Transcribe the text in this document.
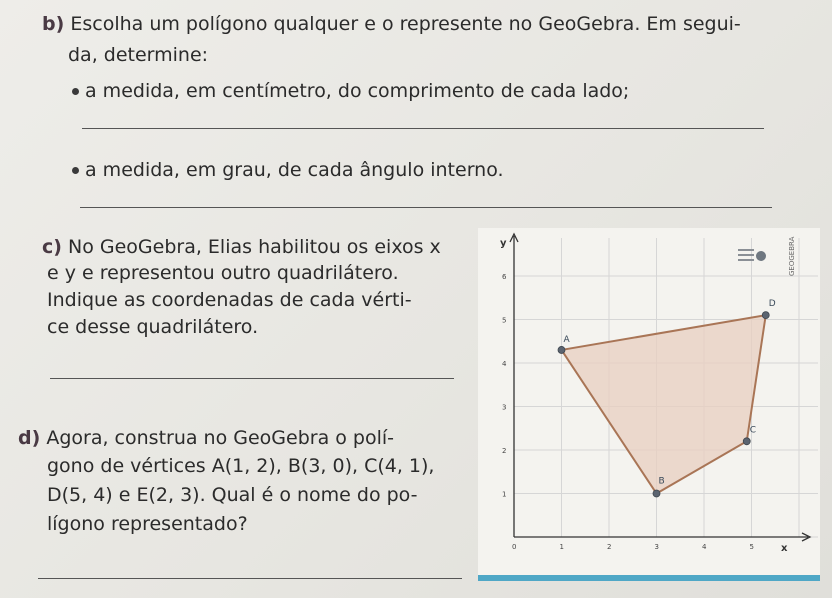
b) Escolha um polígono qualquer e o represente no GeoGebra. Em segui-
da, determine:
a medida, em centímetro, do comprimento de cada lado;
a medida, em grau, de cada ângulo interno.
c) No GeoGebra, Elias habilitou os eixos x
e y e representou outro quadrilátero.
Indique as coordenadas de cada vérti-
ce desse quadrilátero.
d) Agora, construa no GeoGebra o polí-
gono de vértices A(1, 2), B(3, 0), C(4, 1),
D(5, 4) e E(2, 3). Qual é o nome do po-
lígono representado?
A
B
C
D
0	1	2	3	4	5
1
2
3
4
5
6
x
y	GEOGEBRA
